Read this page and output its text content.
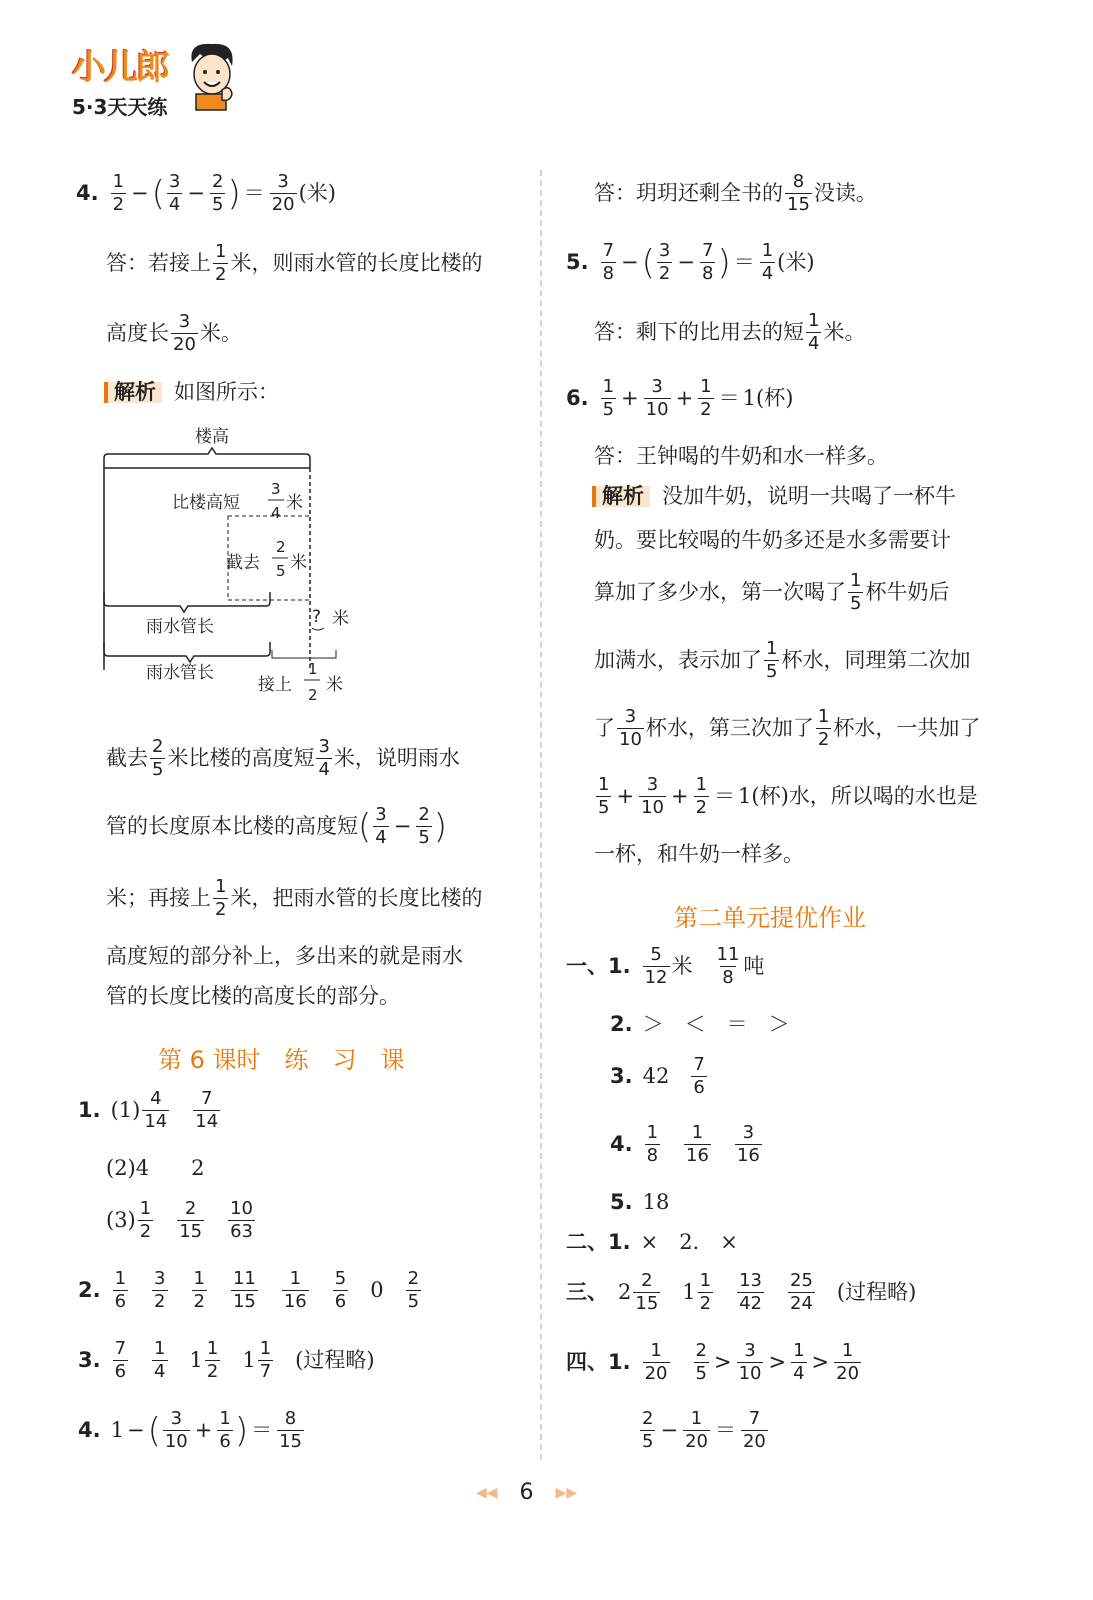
小儿郎
5·3天天练
4. $\frac{1}{2}$ − ( $\frac{3}{4} - \frac{2}{5}$ ) ＝ $\frac{3}{20}$ (米)
答：若接上 $\frac{1}{2}$ 米，则雨水管的长度比楼的
高度长 $\frac{3}{20}$ 米。
解析 如图所示：
楼高
比楼高短
3
4 米
截去
2
5 米
雨水管长	? 米
雨水管长
接上
1
2 米
截去 $\frac{2}{5}$ 米比楼的高度短 $\frac{3}{4}$ 米，说明雨水
管的长度原本比楼的高度短 ( $\frac{3}{4} - \frac{2}{5}$ )
米；再接上 $\frac{1}{2}$ 米，把雨水管的长度比楼的
高度短的部分补上，多出来的就是雨水
管的长度比楼的高度长的部分。
第 6 课时　练　习　课
1. $(1) \frac{4}{14} \frac{7}{14}$
(2)4　　2
$(3) \frac{1}{2} \frac{2}{15} \frac{10}{63}$
2. $\frac{1}{6} \frac{3}{2} \frac{1}{2} \frac{11}{15} \frac{1}{16} \frac{5}{6} 0 \frac{2}{5}$
3. $\frac{7}{6} \frac{1}{4} 1 \frac{1}{2} 1 \frac{1}{7}$ (过程略)
4. 1 − ( $\frac{3}{10} + \frac{1}{6}$ ) ＝ $\frac{8}{15}$
答：玥玥还剩全书的 $\frac{8}{15}$ 没读。
5. $\frac{7}{8}$ − ( $\frac{3}{2} - \frac{7}{8}$ ) ＝ $\frac{1}{4}$ (米)
答：剩下的比用去的短 $\frac{1}{4}$ 米。
6. $\frac{1}{5} + \frac{3}{10} + \frac{1}{2} = 1$ (杯)
答：王钟喝的牛奶和水一样多。
解析 没加牛奶，说明一共喝了一杯牛
奶。要比较喝的牛奶多还是水多需要计
算加了多少水，第一次喝了 $\frac{1}{5}$ 杯牛奶后
加满水，表示加了 $\frac{1}{5}$ 杯水，同理第二次加
了 $\frac{3}{10}$ 杯水，第三次加了 $\frac{1}{2}$ 杯水，一共加了
$\frac{1}{5} + \frac{3}{10} + \frac{1}{2} = 1$ (杯)水，所以喝的水也是
一杯，和牛奶一样多。
第二单元提优作业
一、1. $\frac{5}{12}$ 米 $\frac{11}{8}$ 吨
2. ＞　＜　＝　＞
3. $42 \frac{7}{6}$
4. $\frac{1}{8} \frac{1}{16} \frac{3}{16}$
5. 18
二、1. ×　2.　×
三、 $2 \frac{2}{15} 1 \frac{1}{2} \frac{13}{42} \frac{25}{24}$ (过程略)
四、1. $\frac{1}{20} \frac{2}{5} > \frac{3}{10} > \frac{1}{4} > \frac{1}{20}$
$\frac{2}{5} - \frac{1}{20} = \frac{7}{20}$
◀◀ 6 ▶▶
